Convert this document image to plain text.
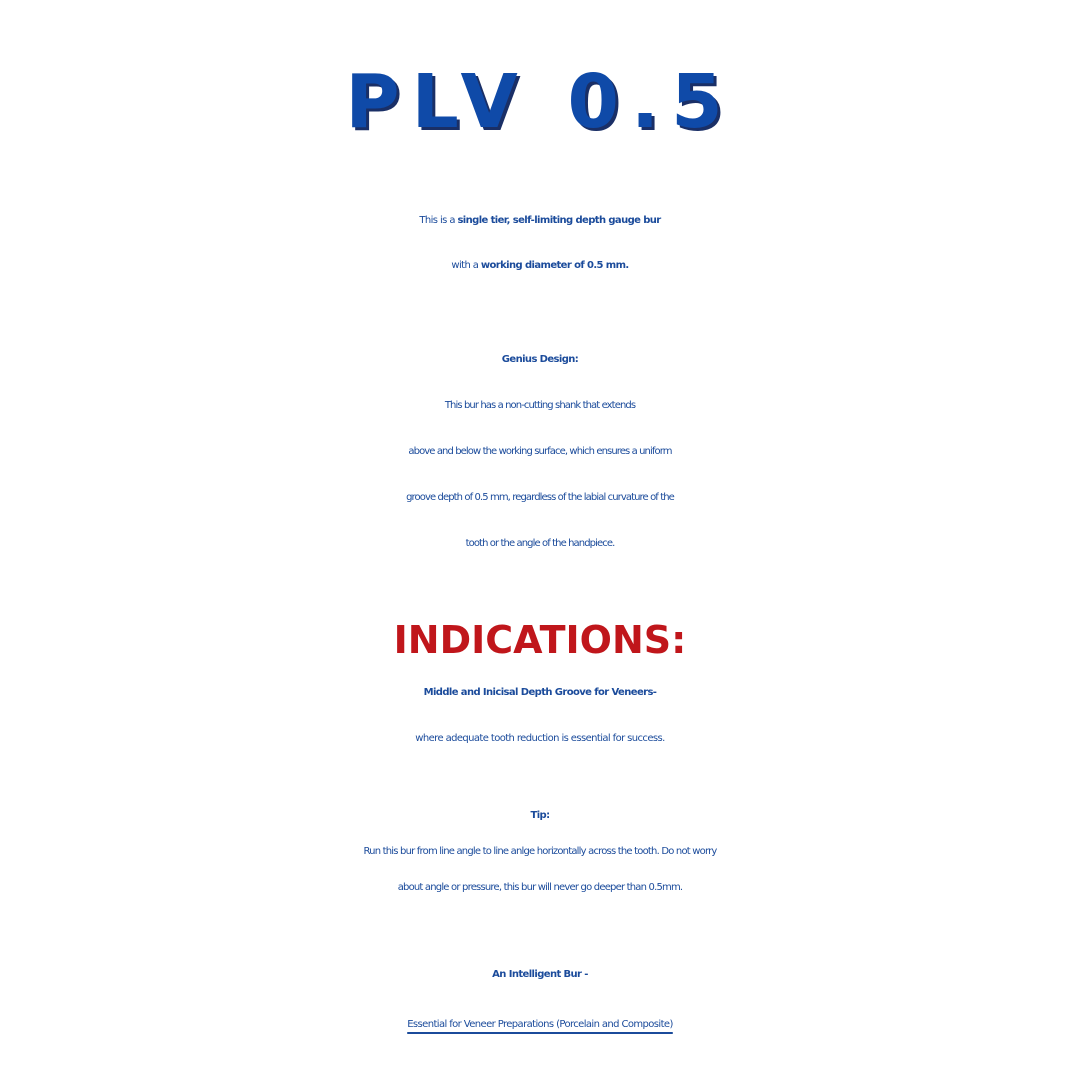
PLV 0.5
This is a single tier, self-limiting depth gauge bur
with a working diameter of 0.5 mm.
Genius Design:
This bur has a non-cutting shank that extends
above and below the working surface, which ensures a uniform
groove depth of 0.5 mm, regardless of the labial curvature of the
tooth or the angle of the handpiece.
INDICATIONS:
Middle and Inicisal Depth Groove for Veneers-
where adequate tooth reduction is essential for success.
Tip:
Run this bur from line angle to line anlge horizontally across the tooth. Do not worry
about angle or pressure, this bur will never go deeper than 0.5mm.
An Intelligent Bur -
Essential for Veneer Preparations (Porcelain and Composite)
